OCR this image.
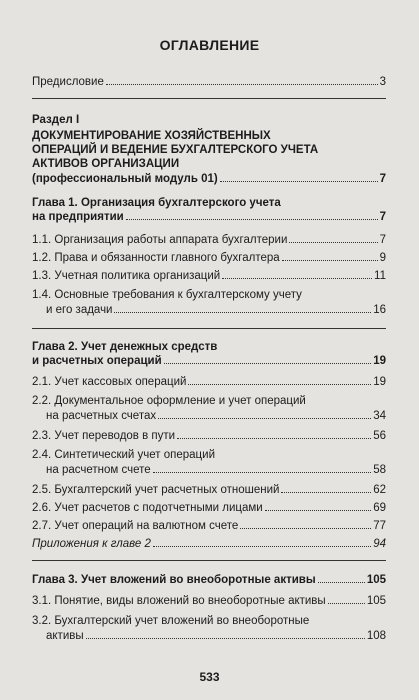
ОГЛАВЛЕНИЕ
Предисловие	3
Раздел I
ДОКУМЕНТИРОВАНИЕ ХОЗЯЙСТВЕННЫХ
ОПЕРАЦИЙ И ВЕДЕНИЕ БУХГАЛТЕРСКОГО УЧЕТА
АКТИВОВ ОРГАНИЗАЦИИ
(профессиональный модуль 01)	7
Глава 1. Организация бухгалтерского учета
на предприятии	7
1.1. Организация работы аппарата бухгалтерии	7
1.2. Права и обязанности главного бухгалтера	9
1.3. Учетная политика организаций	11
1.4. Основные требования к бухгалтерскому учету
и его задачи	16
Глава 2. Учет денежных средств
и расчетных операций	19
2.1. Учет кассовых операций	19
2.2. Документальное оформление и учет операций
на расчетных счетах	34
2.3. Учет переводов в пути	56
2.4. Синтетический учет операций
на расчетном счете	58
2.5. Бухгалтерский учет расчетных отношений	62
2.6. Учет расчетов с подотчетными лицами	69
2.7. Учет операций на валютном счете	77
Приложения к главе 2	94
Глава 3. Учет вложений во внеоборотные активы	105
3.1. Понятие, виды вложений во внеоборотные активы	105
3.2. Бухгалтерский учет вложений во внеоборотные
активы	108
533
